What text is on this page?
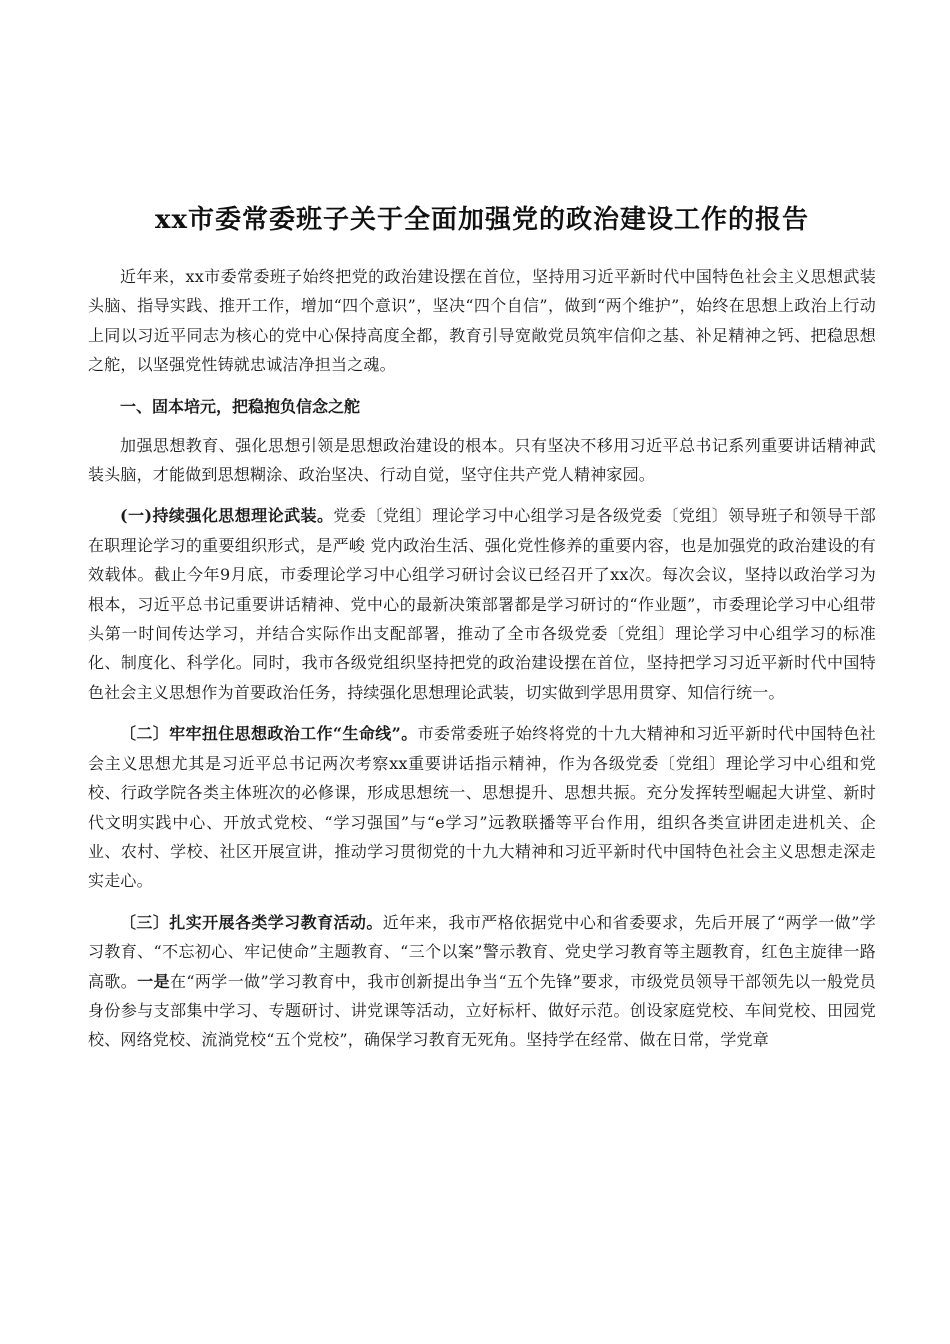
xx市委常委班子关于全面加强党的政治建设工作的报告

近年来，xx市委常委班子始终把党的政治建设摆在首位，坚持用习近平新时代中国特色社会主义思想武装头脑、指导实践、推开工作，增加“四个意识”，坚决“四个自信”，做到“两个维护”，始终在思想上政治上行动上同以习近平同志为核心的党中心保持高度全都，教育引导宽敞党员筑牢信仰之基、补足精神之钙、把稳思想之舵，以坚强党性铸就忠诚洁净担当之魂。

一、固本培元，把稳抱负信念之舵

加强思想教育、强化思想引领是思想政治建设的根本。只有坚决不移用习近平总书记系列重要讲话精神武装头脑，才能做到思想糊涂、政治坚决、行动自觉，坚守住共产党人精神家园。

(一)持续强化思想理论武装。党委〔党组〕理论学习中心组学习是各级党委〔党组〕领导班子和领导干部在职理论学习的重要组织形式，是严峻 党内政治生活、强化党性修养的重要内容，也是加强党的政治建设的有效载体。截止今年9月底，市委理论学习中心组学习研讨会议已经召开了xx次。每次会议，坚持以政治学习为根本，习近平总书记重要讲话精神、党中心的最新决策部署都是学习研讨的“作业题”，市委理论学习中心组带头第一时间传达学习，并结合实际作出支配部署，推动了全市各级党委〔党组〕理论学习中心组学习的标准化、制度化、科学化。同时，我市各级党组织坚持把党的政治建设摆在首位，坚持把学习习近平新时代中国特色社会主义思想作为首要政治任务，持续强化思想理论武装，切实做到学思用贯穿、知信行统一。

〔二〕牢牢扭住思想政治工作“生命线”。市委常委班子始终将党的十九大精神和习近平新时代中国特色社会主义思想尤其是习近平总书记两次考察xx重要讲话指示精神，作为各级党委〔党组〕理论学习中心组和党校、行政学院各类主体班次的必修课，形成思想统一、思想提升、思想共振。充分发挥转型崛起大讲堂、新时代文明实践中心、开放式党校、“学习强国”与“e学习”远教联播等平台作用，组织各类宣讲团走进机关、企业、农村、学校、社区开展宣讲，推动学习贯彻党的十九大精神和习近平新时代中国特色社会主义思想走深走实走心。

〔三〕扎实开展各类学习教育活动。近年来，我市严格依据党中心和省委要求，先后开展了“两学一做”学习教育、“不忘初心、牢记使命”主题教育、“三个以案”警示教育、党史学习教育等主题教育，红色主旋律一路高歌。一是在“两学一做”学习教育中，我市创新提出争当“五个先锋”要求，市级党员领导干部领先以一般党员身份参与支部集中学习、专题研讨、讲党课等活动，立好标杆、做好示范。创设家庭党校、车间党校、田园党校、网络党校、流淌党校“五个党校”，确保学习教育无死角。坚持学在经常、做在日常，学党章
